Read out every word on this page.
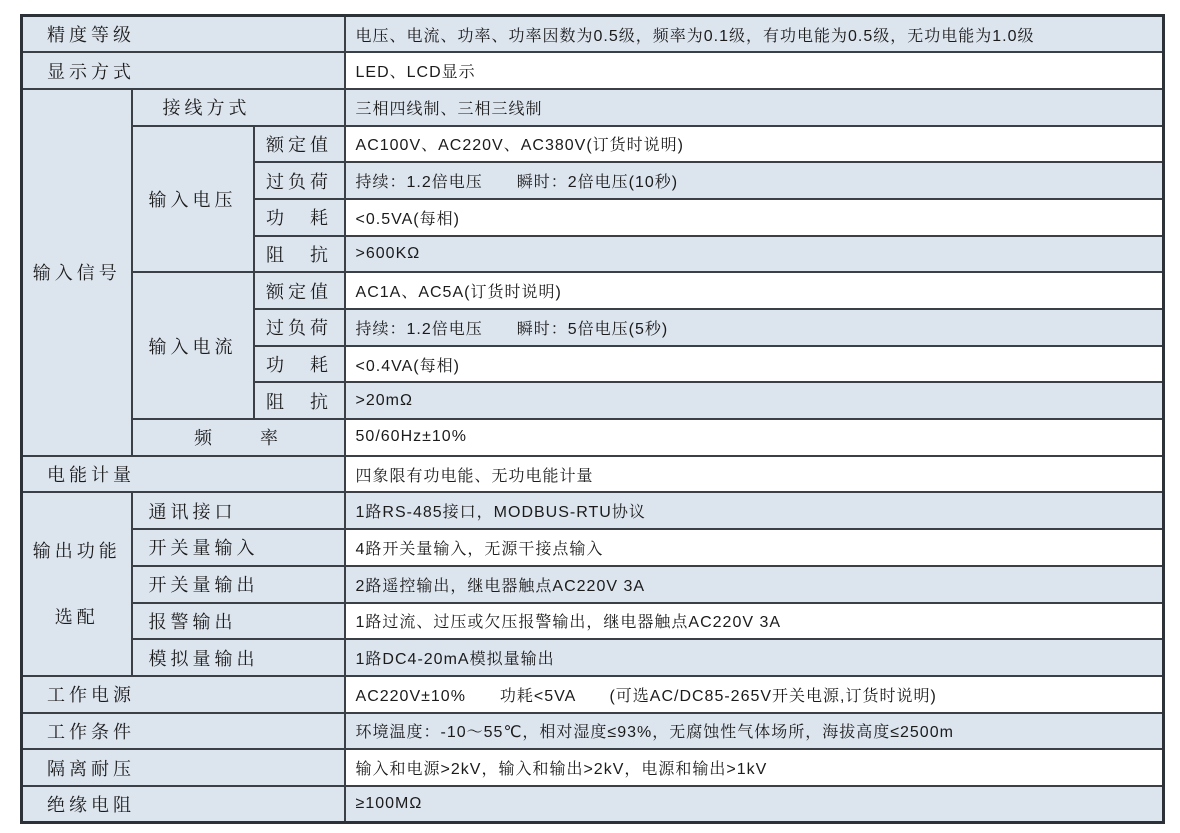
精度等级			电压、电流、功率、功率因数为0.5级，频率为0.1级，有功电能为0.5级，无功电能为1.0级
显示方式			LED、LCD显示
输入信号	接线方式		三相四线制、三相三线制
	输入电压	额定值	AC100V、AC220V、AC380V(订货时说明)
		过负荷	持续：1.2倍电压　　瞬时：2倍电压(10秒)
		功　耗	<0.5VA(每相)
		阻　抗	>600KΩ
	输入电流	额定值	AC1A、AC5A(订货时说明)
		过负荷	持续：1.2倍电压　　瞬时：5倍电压(5秒)
		功　耗	<0.4VA(每相)
		阻　抗	>20mΩ
	频　　率		50/60Hz±10%
电能计量			四象限有功电能、无功电能计量

输出功能

选配	通讯接口		1路RS-485接口，MODBUS-RTU协议
	开关量输入		4路开关量输入，无源干接点输入
	开关量输出		2路遥控输出，继电器触点AC220V 3A
	报警输出		1路过流、过压或欠压报警输出，继电器触点AC220V 3A
	模拟量输出		1路DC4-20mA模拟量输出
工作电源			AC220V±10%　　功耗<5VA　　(可选AC/DC85-265V开关电源,订货时说明)
工作条件			环境温度：-10～55℃，相对湿度≤93%，无腐蚀性气体场所，海拔高度≤2500m
隔离耐压			输入和电源>2kV，输入和输出>2kV，电源和输出>1kV
绝缘电阻			≥100MΩ
